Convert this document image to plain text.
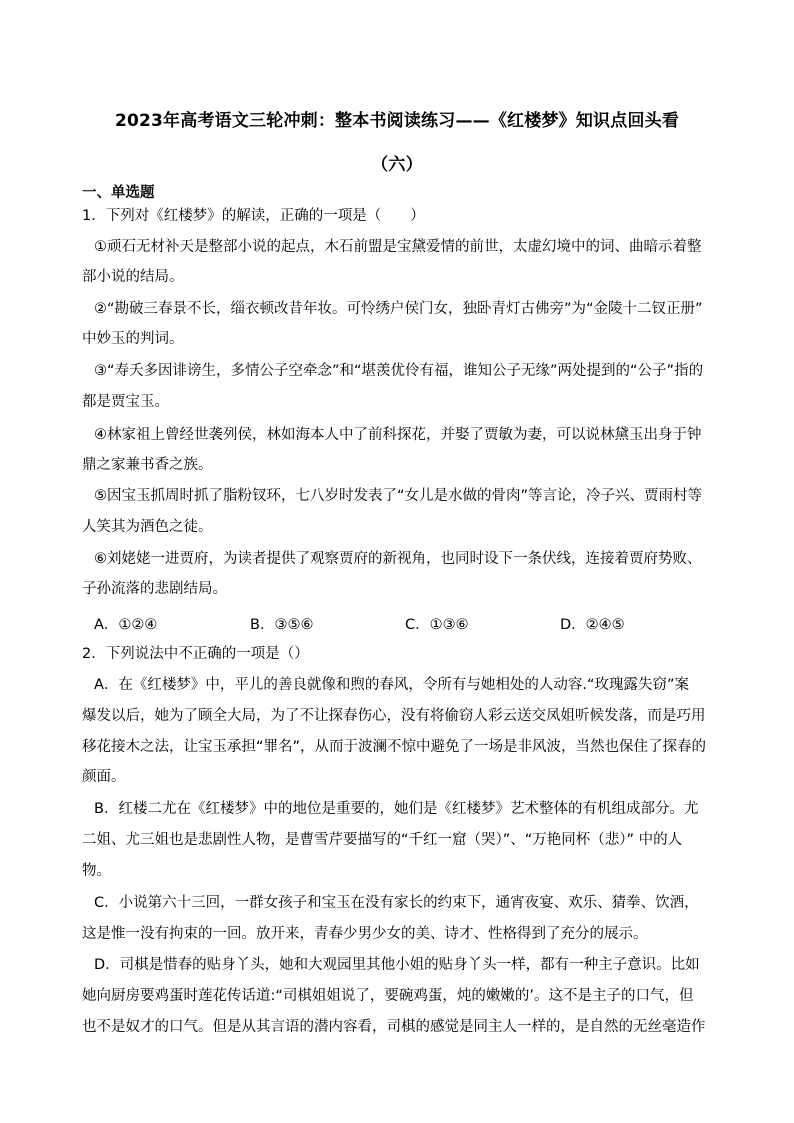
2023年高考语文三轮冲刺：整本书阅读练习——《红楼梦》知识点回头看
（六）
一、单选题
1．下列对《红楼梦》的解读，正确的一项是（　　）
①顽石无材补天是整部小说的起点，木石前盟是宝黛爱情的前世，太虚幻境中的词、曲暗示着整
部小说的结局。
②“勘破三春景不长，缁衣顿改昔年妆。可怜绣户侯门女，独卧青灯古佛旁”为“金陵十二钗正册”
中妙玉的判词。
③“寿夭多因诽谤生，多情公子空牵念”和“堪羡优伶有福，谁知公子无缘”两处提到的“公子”指的
都是贾宝玉。
④林家祖上曾经世袭列侯，林如海本人中了前科探花，并娶了贾敏为妻，可以说林黛玉出身于钟
鼎之家兼书香之族。
⑤因宝玉抓周时抓了脂粉钗环，七八岁时发表了“女儿是水做的骨肉”等言论，冷子兴、贾雨村等
人笑其为酒色之徒。
⑥刘姥姥一进贾府，为读者提供了观察贾府的新视角，也同时设下一条伏线，连接着贾府势败、
子孙流落的悲剧结局。
A．①②④	B．③⑤⑥	C．①③⑥	D．②④⑤
2．下列说法中不正确的一项是（）
A．在《红楼梦》中，平儿的善良就像和煦的春风，令所有与她相处的人动容.“玫瑰露失窃”案
爆发以后，她为了顾全大局，为了不让探春伤心，没有将偷窃人彩云送交凤姐听候发落，而是巧用
移花接木之法，让宝玉承担“罪名”，从而于波澜不惊中避免了一场是非风波，当然也保住了探春的
颜面。
B．红楼二尤在《红楼梦》中的地位是重要的，她们是《红楼梦》艺术整体的有机组成部分。尤
二姐、尤三姐也是悲剧性人物，是曹雪芹要描写的“千红一窟（哭）”、“万艳同杯（悲）” 中的人
物。
C．小说第六十三回，一群女孩子和宝玉在没有家长的约束下，通宵夜宴、欢乐、猜拳、饮酒，
这是惟一没有拘束的一回。放开来，青春少男少女的美、诗才、性格得到了充分的展示。
D．司棋是惜春的贴身丫头，她和大观园里其他小姐的贴身丫头一样，都有一种主子意识。比如
她向厨房要鸡蛋时莲花传话道:“司棋姐姐说了，要碗鸡蛋，炖的嫩嫩的’。这不是主子的口气，但
也不是奴才的口气。但是从其言语的潜内容看，司棋的感觉是同主人一样的，是自然的无丝毫造作
